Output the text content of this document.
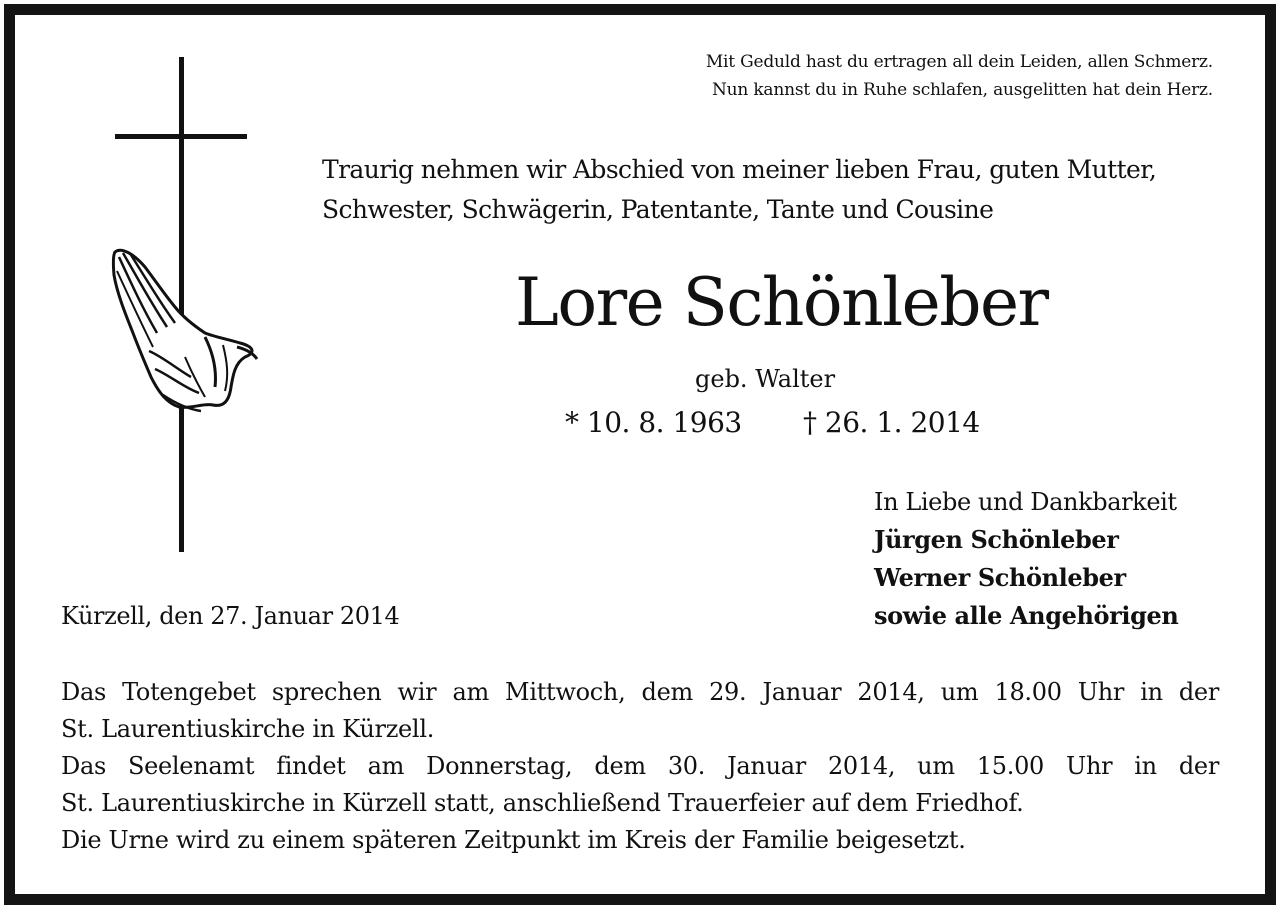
Mit Geduld hast du ertragen all dein Leiden, allen Schmerz.
Nun kannst du in Ruhe schlafen, ausgelitten hat dein Herz.
Traurig nehmen wir Abschied von meiner lieben Frau, guten Mutter,
Schwester, Schwägerin, Patentante, Tante und Cousine
Lore Schönleber
geb. Walter
* 10. 8. 1963 † 26. 1. 2014
In Liebe und Dankbarkeit
Jürgen Schönleber
Werner Schönleber
sowie alle Angehörigen
Kürzell, den 27. Januar 2014
Das Totengebet sprechen wir am Mittwoch, dem 29. Januar 2014, um 18.00 Uhr in der
St. Laurentiuskirche in Kürzell.
Das Seelenamt findet am Donnerstag, dem 30. Januar 2014, um 15.00 Uhr in der
St. Laurentiuskirche in Kürzell statt, anschließend Trauerfeier auf dem Friedhof.
Die Urne wird zu einem späteren Zeitpunkt im Kreis der Familie beigesetzt.
